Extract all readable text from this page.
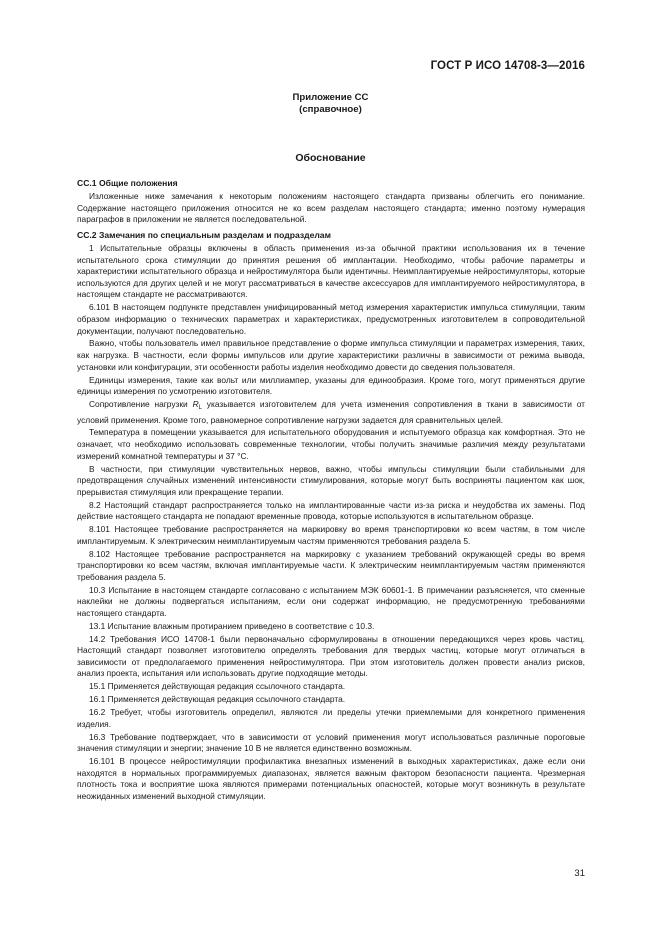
ГОСТ Р ИСО 14708-3—2016
Приложение СС
(справочное)
Обоснование
СС.1 Общие положения

Изложенные ниже замечания к некоторым положениям настоящего стандарта призваны облегчить его понимание. Содержание настоящего приложения относится не ко всем разделам настоящего стандарта; именно поэтому нумерация параграфов в приложении не является последовательной.

СС.2 Замечания по специальным разделам и подразделам

1 Испытательные образцы включены в область применения из-за обычной практики использования их в течение испытательного срока стимуляции до принятия решения об имплантации. Необходимо, чтобы рабочие параметры и характеристики испытательного образца и нейростимулятора были идентичны. Неимплантируемые нейростимуляторы, которые используются для других целей и не могут рассматриваться в качестве аксессуаров для имплантируемого нейростимулятора, в настоящем стандарте не рассматриваются.

6.101 В настоящем подпункте представлен унифицированный метод измерения характеристик импульса стимуляции, таким образом информацию о технических параметрах и характеристиках, предусмотренных изготовителем в сопроводительной документации, получают последовательно.

Важно, чтобы пользователь имел правильное представление о форме импульса стимуляции и параметрах измерения, таких, как нагрузка. В частности, если формы импульсов или другие характеристики различны в зависимости от режима вывода, установки или конфигурации, эти особенности работы изделия необходимо довести до сведения пользователя.

Единицы измерения, такие как вольт или миллиампер, указаны для единообразия. Кроме того, могут применяться другие единицы измерения по усмотрению изготовителя.

Сопротивление нагрузки $R_L$ указывается изготовителем для учета изменения сопротивления в ткани в зависимости от условий применения. Кроме того, равномерное сопротивление нагрузки задается для сравнительных целей.

Температура в помещении указывается для испытательного оборудования и испытуемого образца как комфортная. Это не означает, что необходимо использовать современные технологии, чтобы получить значимые различия между результатами измерений комнатной температуры и 37 °С.

В частности, при стимуляции чувствительных нервов, важно, чтобы импульсы стимуляции были стабильными для предотвращения случайных изменений интенсивности стимулирования, которые могут быть восприняты пациентом как шок, прерывистая стимуляция или прекращение терапии.

8.2 Настоящий стандарт распространяется только на имплантированные части из-за риска и неудобства их замены. Под действие настоящего стандарта не попадают временные провода, которые используются в испытательном образце.

8.101 Настоящее требование распространяется на маркировку во время транспортировки ко всем частям, в том числе имплантируемым. К электрическим неимплантируемым частям применяются требования раздела 5.

8.102 Настоящее требование распространяется на маркировку с указанием требований окружающей среды во время транспортировки ко всем частям, включая имплантируемые части. К электрическим неимплантируемым частям применяются требования раздела 5.

10.3 Испытание в настоящем стандарте согласовано с испытанием МЭК 60601-1. В примечании разъясняется, что сменные наклейки не должны подвергаться испытаниям, если они содержат информацию, не предусмотренную требованиями настоящего стандарта.

13.1 Испытание влажным протиранием приведено в соответствие с 10.3.

14.2 Требования ИСО 14708-1 были первоначально сформулированы в отношении передающихся через кровь частиц. Настоящий стандарт позволяет изготовителю определять требования для твердых частиц, которые могут отличаться в зависимости от предполагаемого применения нейростимулятора. При этом изготовитель должен провести анализ рисков, анализ проекта, испытания или использовать другие подходящие методы.

15.1 Применяется действующая редакция ссылочного стандарта.

16.1 Применяется действующая редакция ссылочного стандарта.

16.2 Требует, чтобы изготовитель определил, являются ли пределы утечки приемлемыми для конкретного применения изделия.

16.3 Требование подтверждает, что в зависимости от условий применения могут использоваться различные пороговые значения стимуляции и энергии; значение 10 В не является единственно возможным.

16.101 В процессе нейростимуляции профилактика внезапных изменений в выходных характеристиках, даже если они находятся в нормальных программируемых диапазонах, является важным фактором безопасности пациента. Чрезмерная плотность тока и восприятие шока являются примерами потенциальных опасностей, которые могут возникнуть в результате неожиданных изменений выходной стимуляции.

31
